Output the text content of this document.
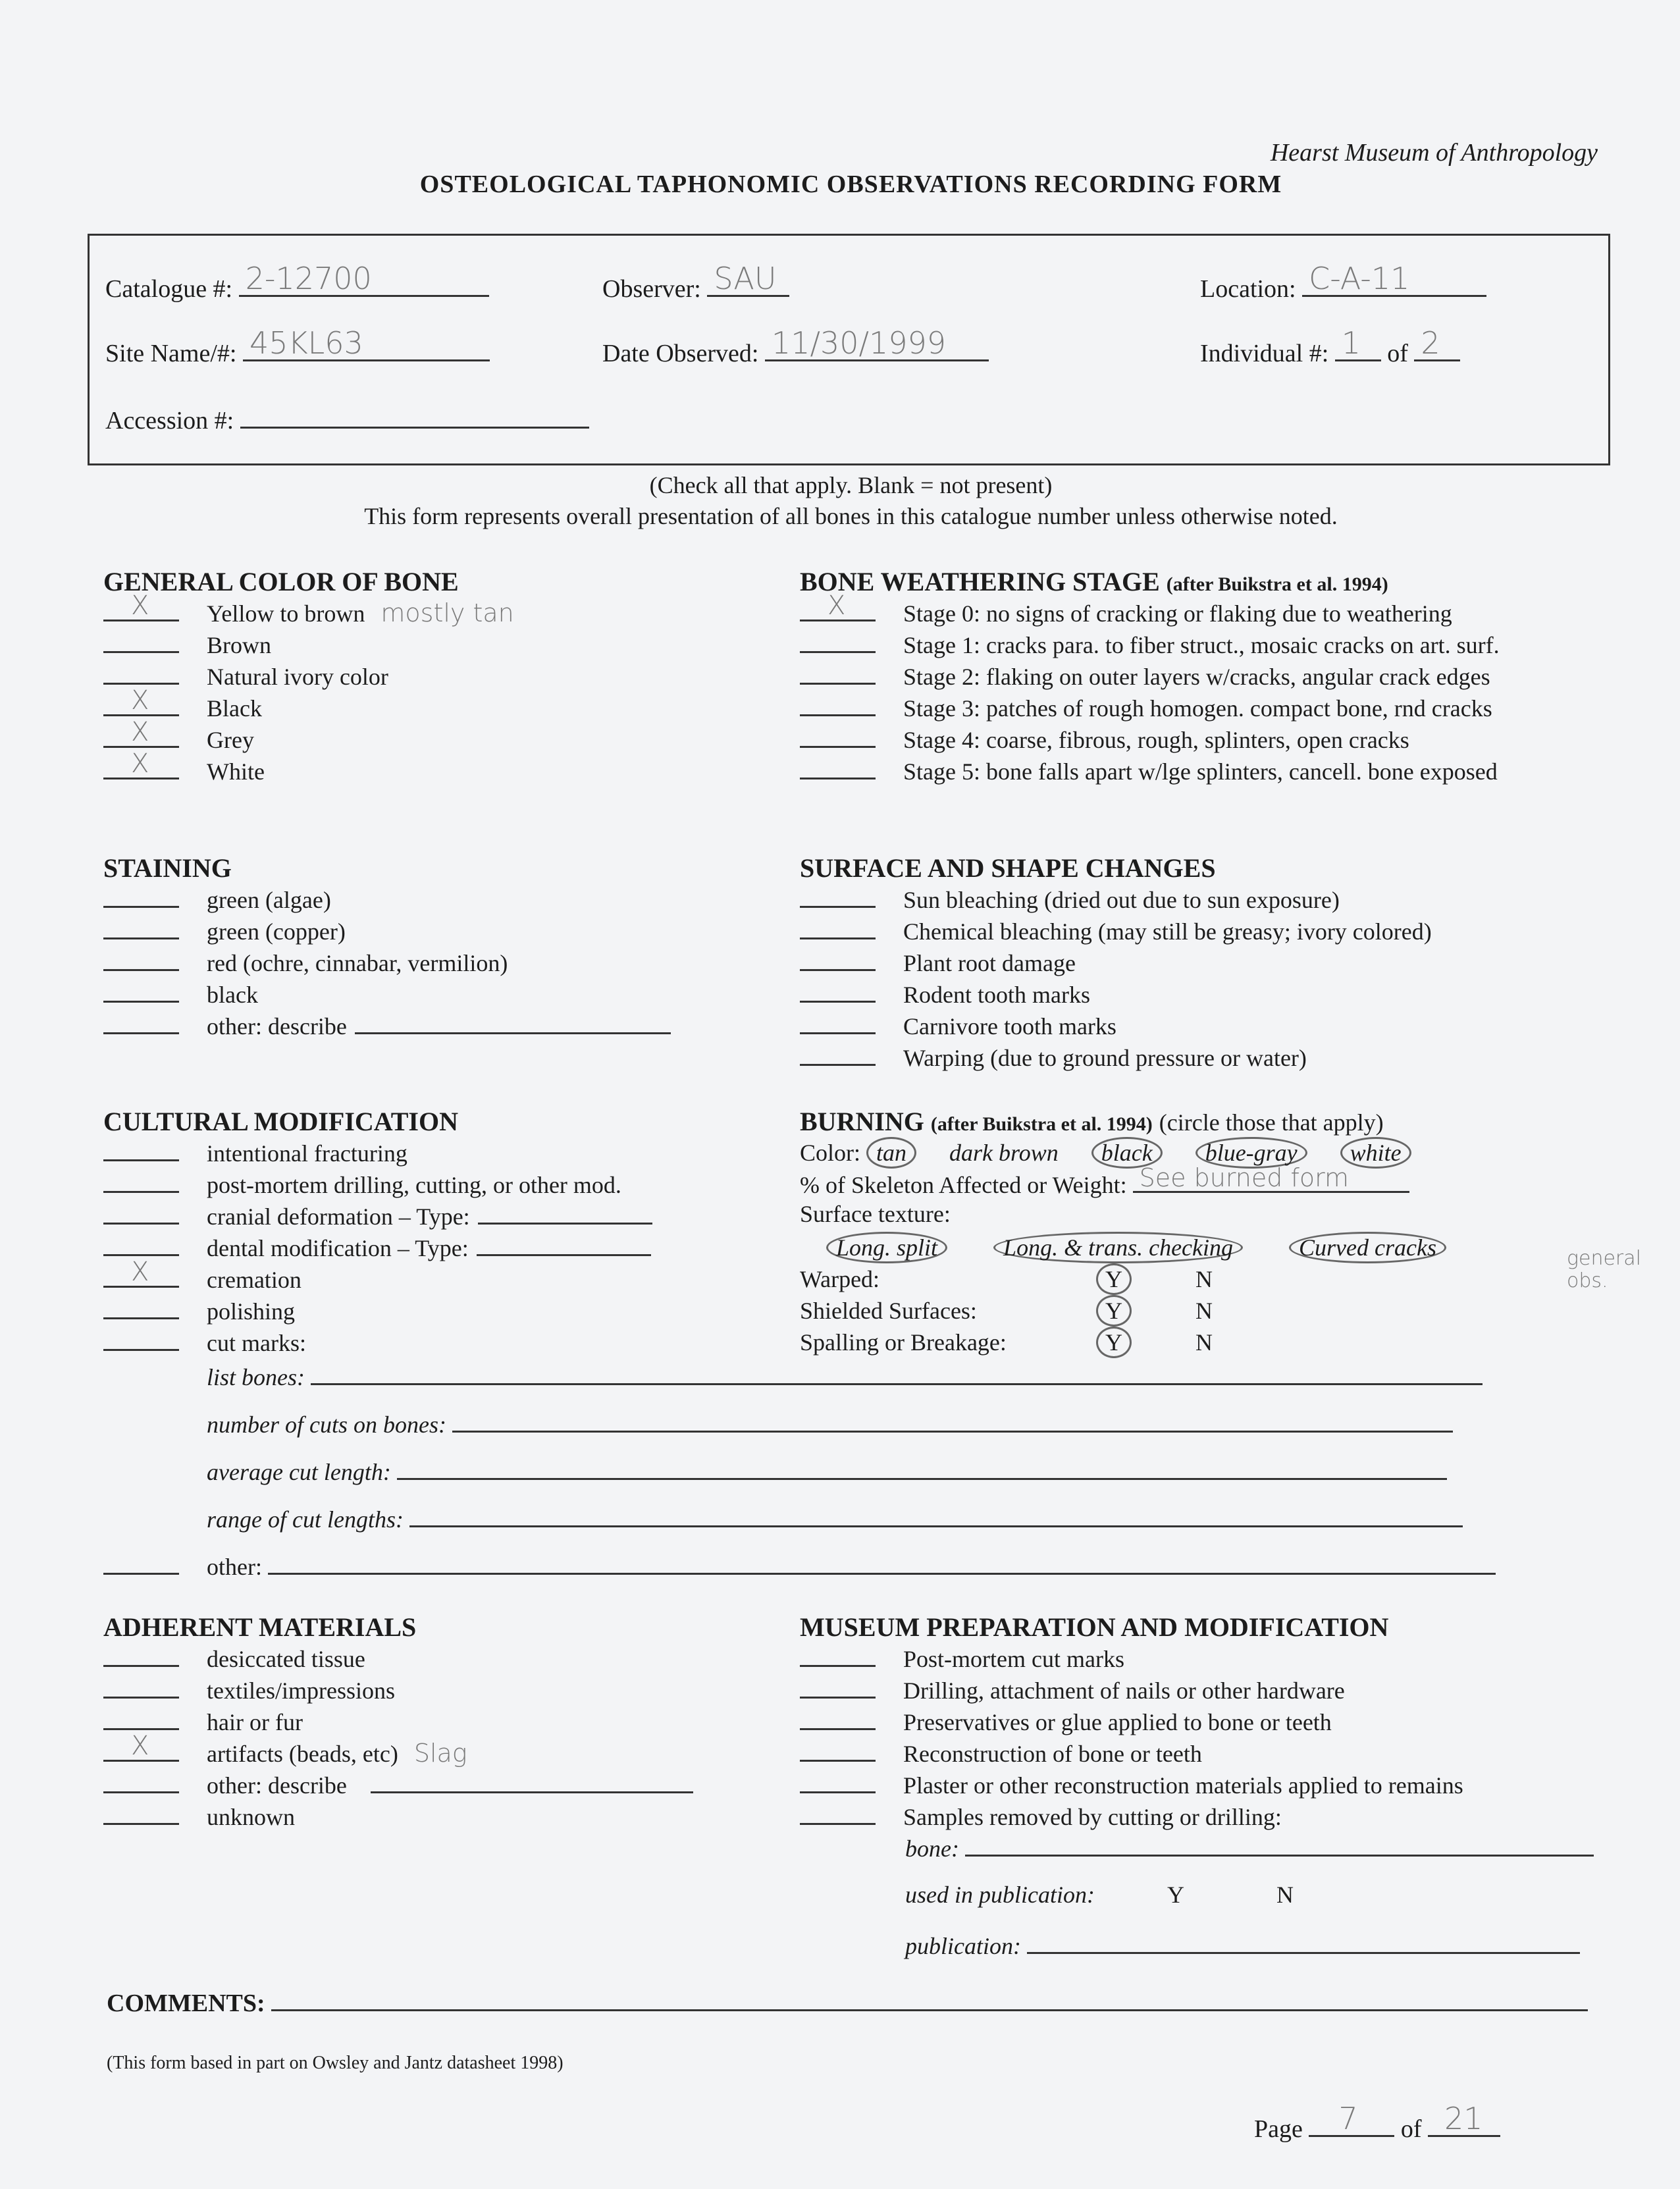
Hearst Museum of Anthropology
OSTEOLOGICAL TAPHONOMIC OBSERVATIONS RECORDING FORM
Catalogue #: 2-12700	Observer: SAU	Location: C-A-11
Site Name/#: 45KL63	Date Observed: 11/30/1999	Individual #: 1 of 2
Accession #:
(Check all that apply. Blank = not present)
This form represents overall presentation of all bones in this catalogue number unless otherwise noted.
GENERAL COLOR OF BONE
X Yellow to brown mostly tan
Brown
Natural ivory color
X Black
X Grey
X White
BONE WEATHERING STAGE (after Buikstra et al. 1994)
X Stage 0: no signs of cracking or flaking due to weathering
Stage 1: cracks para. to fiber struct., mosaic cracks on art. surf.
Stage 2: flaking on outer layers w/cracks, angular crack edges
Stage 3: patches of rough homogen. compact bone, rnd cracks
Stage 4: coarse, fibrous, rough, splinters, open cracks
Stage 5: bone falls apart w/lge splinters, cancell. bone exposed
STAINING
green (algae)
green (copper)
red (ochre, cinnabar, vermilion)
black
other: describe
SURFACE AND SHAPE CHANGES
Sun bleaching (dried out due to sun exposure)
Chemical bleaching (may still be greasy; ivory colored)
Plant root damage
Rodent tooth marks
Carnivore tooth marks
Warping (due to ground pressure or water)
CULTURAL MODIFICATION
intentional fracturing
post-mortem drilling, cutting, or other mod.
cranial deformation – Type:
dental modification – Type:
X cremation
polishing
cut marks:
list bones:
number of cuts on bones:
average cut length:
range of cut lengths:
other:
BURNING (after Buikstra et al. 1994) (circle those that apply)
Color: tan dark brown black blue-gray white
% of Skeleton Affected or Weight: See burned form
Surface texture:
Long. split	Long. & trans. checking	Curved cracks
Warped:	Y	N
Shielded Surfaces:	Y	N
Spalling or Breakage:	Y	N
general obs.
ADHERENT MATERIALS
desiccated tissue
textiles/impressions
hair or fur
X artifacts (beads, etc) Slag
other: describe
unknown
MUSEUM PREPARATION AND MODIFICATION
Post-mortem cut marks
Drilling, attachment of nails or other hardware
Preservatives or glue applied to bone or teeth
Reconstruction of bone or teeth
Plaster or other reconstruction materials applied to remains
Samples removed by cutting or drilling:
bone:
used in publication:	Y	N
publication:
COMMENTS:
(This form based in part on Owsley and Jantz datasheet 1998)
Page 7 of 21
